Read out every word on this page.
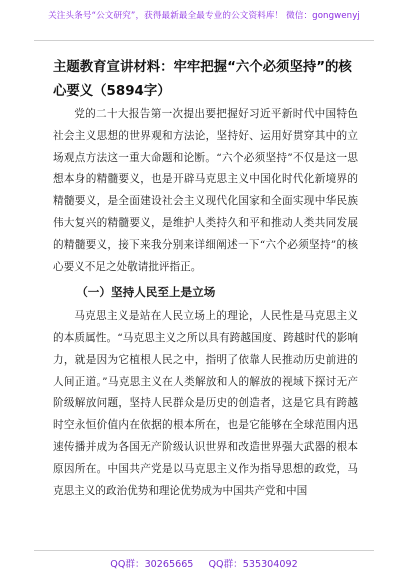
关注头条号“公文研究”，获得最新最全最专业的公文资料库！ 微信：gongwenyj
主题教育宣讲材料：牢牢把握“六个必须坚持”的核心要义（5894字）

党的二十大报告第一次提出要把握好习近平新时代中国特色社会主义思想的世界观和方法论，坚持好、运用好贯穿其中的立场观点方法这一重大命题和论断。“六个必须坚持”不仅是这一思想本身的精髓要义，也是开辟马克思主义中国化时代化新境界的精髓要义，是全面建设社会主义现代化国家和全面实现中华民族伟大复兴的精髓要义，是维护人类持久和平和推动人类共同发展的精髓要义，接下来我分别来详细阐述一下“六个必须坚持”的核心要义不足之处敬请批评指正。

（一）坚持人民至上是立场

马克思主义是站在人民立场上的理论，人民性是马克思主义的本质属性。“马克思主义之所以具有跨越国度、跨越时代的影响力，就是因为它植根人民之中，指明了依靠人民推动历史前进的人间正道。”马克思主义在人类解放和人的解放的视域下探讨无产阶级解放问题，坚持人民群众是历史的创造者，这是它具有跨越时空永恒价值内在依据的根本所在，也是它能够在全球范围内迅速传播并成为各国无产阶级认识世界和改造世界强大武器的根本原因所在。中国共产党是以马克思主义作为指导思想的政党，马克思主义的政治优势和理论优势成为中国共产党和中国

QQ群：30265665 QQ群：535304092
